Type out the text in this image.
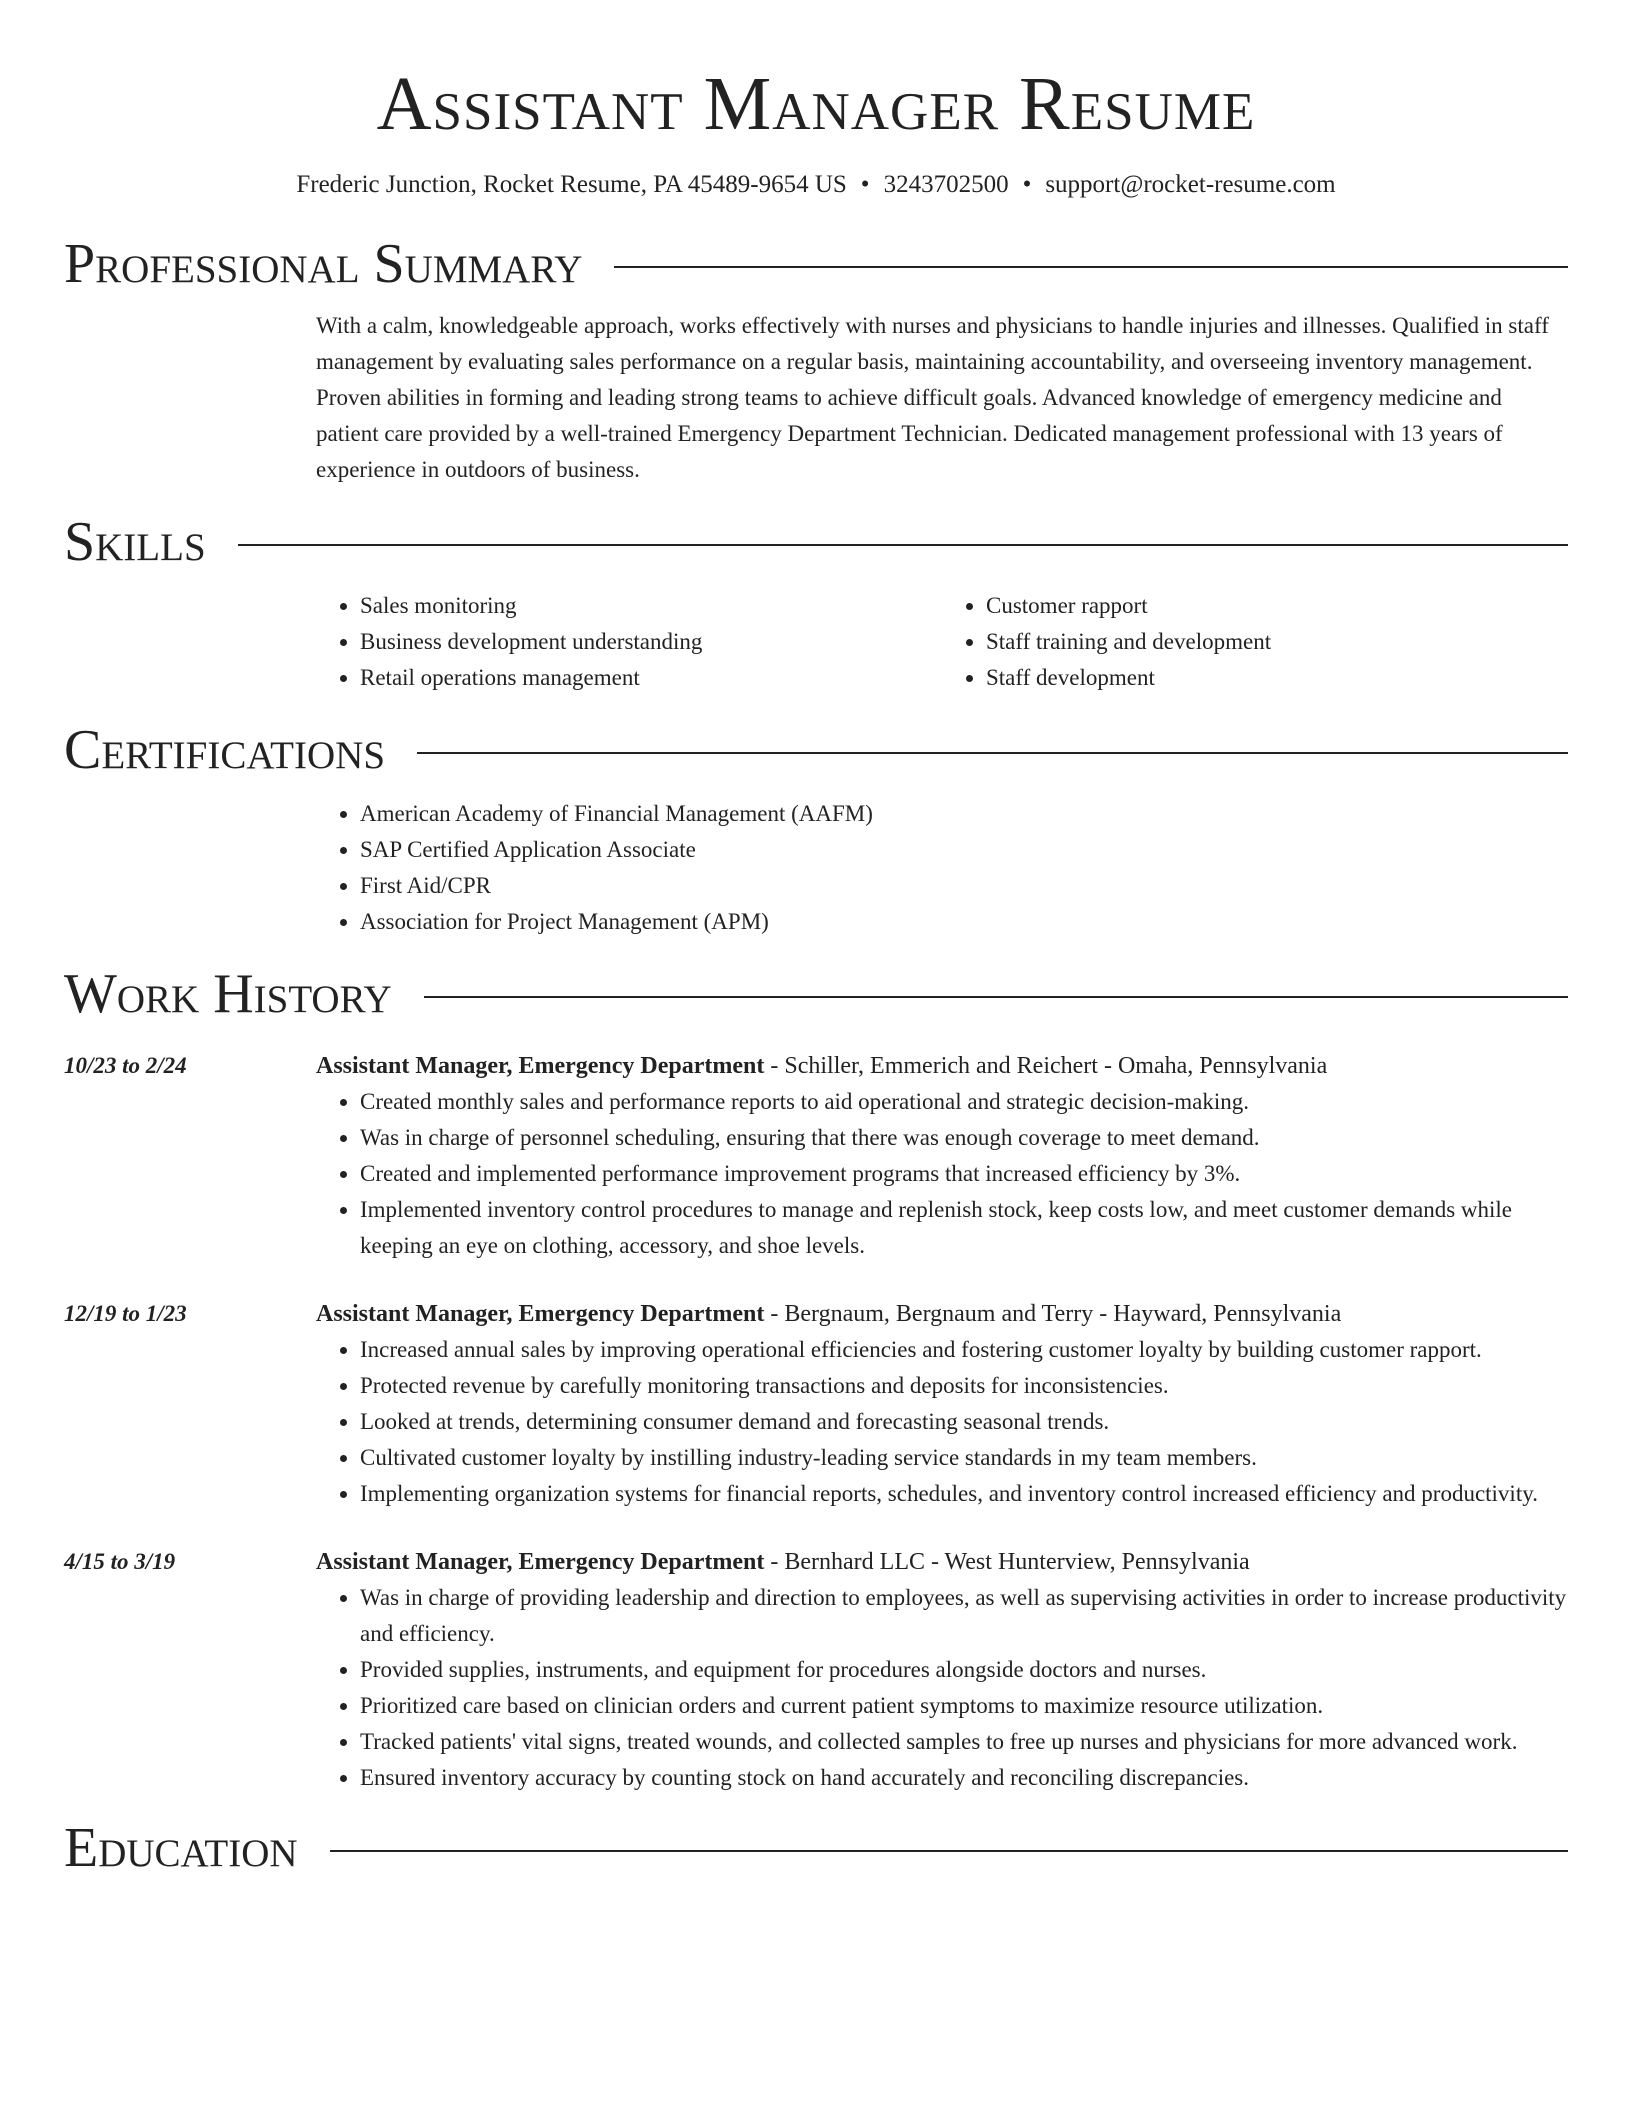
Assistant Manager Resume
Frederic Junction, Rocket Resume, PA 45489-9654 US • 3243702500 • support@rocket-resume.com
Professional Summary

With a calm, knowledgeable approach, works effectively with nurses and physicians to handle injuries and illnesses. Qualified in staff management by evaluating sales performance on a regular basis, maintaining accountability, and overseeing inventory management. Proven abilities in forming and leading strong teams to achieve difficult goals. Advanced knowledge of emergency medicine and patient care provided by a well-trained Emergency Department Technician. Dedicated management professional with 13 years of experience in outdoors of business.

Skills
• Sales monitoring
• Business development understanding
• Retail operations management
• Customer rapport
• Staff training and development
• Staff development
Certifications
• American Academy of Financial Management (AAFM)
• SAP Certified Application Associate
• First Aid/CPR
• Association for Project Management (APM)
Work History
10/23 to 2/24	Assistant Manager, Emergency Department - Schiller, Emmerich and Reichert - Omaha, Pennsylvania
• Created monthly sales and performance reports to aid operational and strategic decision-making.
• Was in charge of personnel scheduling, ensuring that there was enough coverage to meet demand.
• Created and implemented performance improvement programs that increased efficiency by 3%.
• Implemented inventory control procedures to manage and replenish stock, keep costs low, and meet customer demands while keeping an eye on clothing, accessory, and shoe levels.
12/19 to 1/23	Assistant Manager, Emergency Department - Bergnaum, Bergnaum and Terry - Hayward, Pennsylvania
• Increased annual sales by improving operational efficiencies and fostering customer loyalty by building customer rapport.
• Protected revenue by carefully monitoring transactions and deposits for inconsistencies.
• Looked at trends, determining consumer demand and forecasting seasonal trends.
• Cultivated customer loyalty by instilling industry-leading service standards in my team members.
• Implementing organization systems for financial reports, schedules, and inventory control increased efficiency and productivity.
4/15 to 3/19	Assistant Manager, Emergency Department - Bernhard LLC - West Hunterview, Pennsylvania
• Was in charge of providing leadership and direction to employees, as well as supervising activities in order to increase productivity and efficiency.
• Provided supplies, instruments, and equipment for procedures alongside doctors and nurses.
• Prioritized care based on clinician orders and current patient symptoms to maximize resource utilization.
• Tracked patients' vital signs, treated wounds, and collected samples to free up nurses and physicians for more advanced work.
• Ensured inventory accuracy by counting stock on hand accurately and reconciling discrepancies.
Education
